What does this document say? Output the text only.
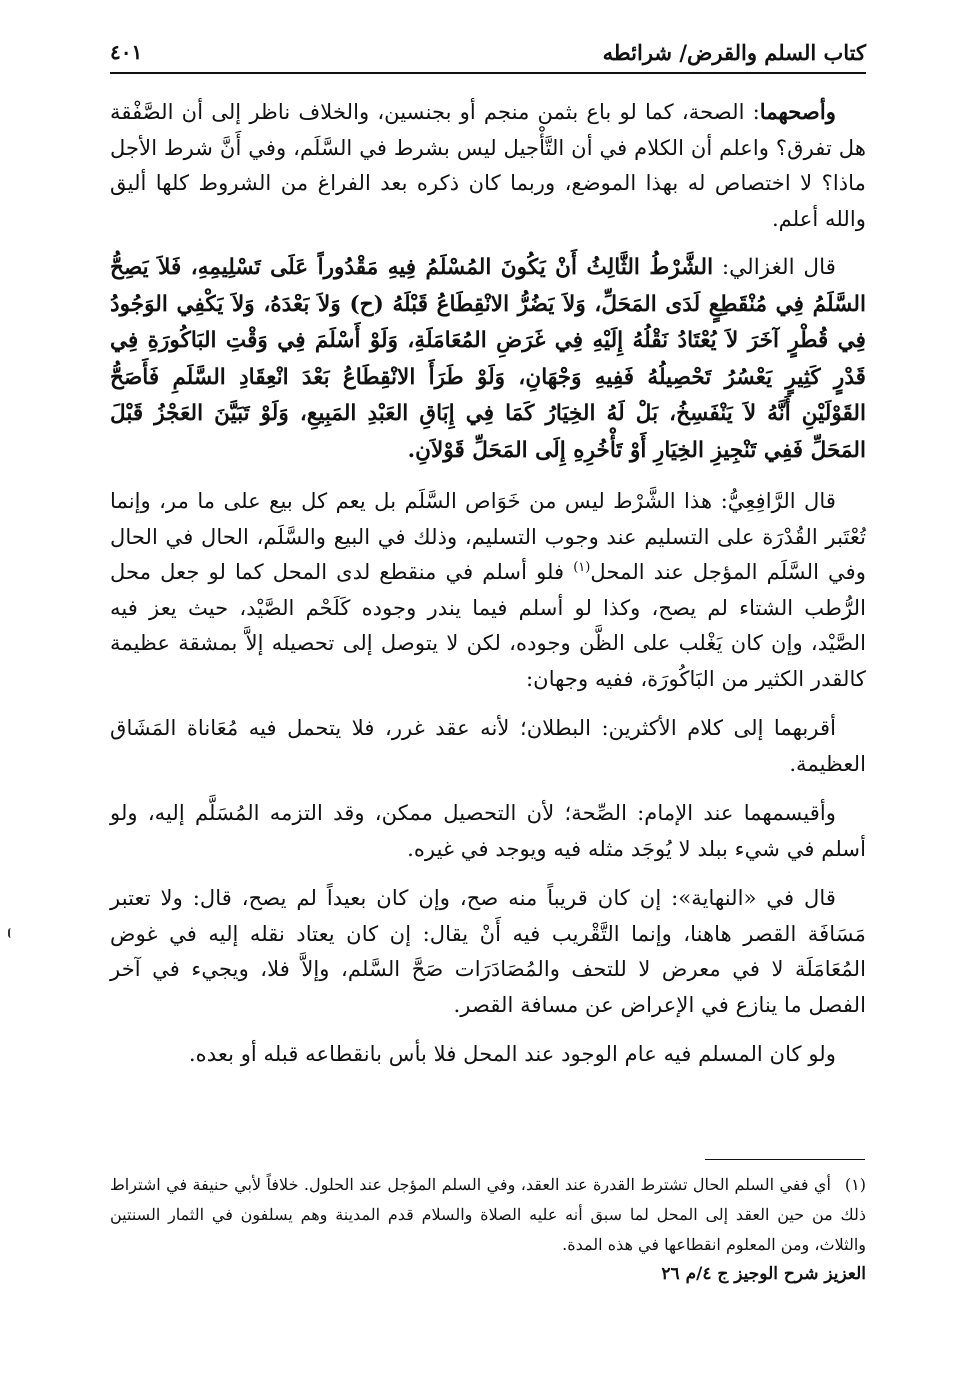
كتاب السلم والقرض/ شرائطه
٤٠١

وأصحهما: الصحة، كما لو باع بثمن منجم أو بجنسين، والخلاف ناظر إلى أن الصَّفْقة هل تفرق؟ واعلم أن الكلام في أن التَّأْجيل ليس بشرط في السَّلَم، وفي أَنَّ شرط الأجل ماذا؟ لا اختصاص له بهذا الموضع، وربما كان ذكره بعد الفراغ من الشروط كلها أليق والله أعلم.

قال الغزالي: الشَّرْطُ الثَّالِثُ أَنْ يَكُونَ المُسْلَمُ فِيهِ مَقْدُوراً عَلَى تَسْلِيمِهِ، فَلاَ يَصِحُّ السَّلَمُ فِي مُنْقَطِعٍ لَدَى المَحَلِّ، وَلاَ يَضُرُّ الانْقِطَاعُ قَبْلَهُ (ح) وَلاَ بَعْدَهُ، وَلاَ يَكْفِي الوَجُودُ فِي قُطْرٍ آخَرَ لاَ يُعْتَادُ نَقْلُهُ إِلَيْهِ فِي غَرَضِ المُعَامَلَةِ، وَلَوْ أَسْلَمَ فِي وَقْتِ البَاكُورَةِ فِي قَدْرٍ كَثِيرٍ يَعْسُرُ تَحْصِيلُهُ فَفِيهِ وَجْهَانِ، وَلَوْ طَرَأَ الانْقِطَاعُ بَعْدَ انْعِقَادِ السَّلَمِ فَأَصَحُّ القَوْلَيْنِ أَنَّهُ لاَ يَنْفَسِخُ، بَلْ لَهُ الخِيَارُ كَمَا فِي إِبَاقِ العَبْدِ المَبِيعِ، وَلَوْ تَبَيَّنَ العَجْزُ قَبْلَ المَحَلِّ فَفِي تَنْجِيزِ الخِيَارِ أَوْ تَأْخُرِهِ إِلَى المَحَلِّ قَوْلاَنِ.

قال الرَّافِعِيُّ: هذا الشَّرْط ليس من خَوَاص السَّلَم بل يعم كل بيع على ما مر، وإنما تُعْتَبر القُدْرَة على التسليم عند وجوب التسليم، وذلك في البيع والسَّلَم، الحال في الحال وفي السَّلَم المؤجل عند المحل$^{(١)}$ فلو أسلم في منقطع لدى المحل كما لو جعل محل الرُّطب الشتاء لم يصح، وكذا لو أسلم فيما يندر وجوده كَلَحْم الصَّيْد، حيث يعز فيه الصَّيْد، وإن كان يَغْلب على الظَّن وجوده، لكن لا يتوصل إلى تحصيله إلاَّ بمشقة عظيمة كالقدر الكثير من البَاكُورَة، ففيه وجهان:

أقربهما إلى كلام الأكثرين: البطلان؛ لأنه عقد غرر، فلا يتحمل فيه مُعَاناة المَشَاق العظيمة.

وأقيسمهما عند الإمام: الصِّحة؛ لأن التحصيل ممكن، وقد التزمه المُسَلَّم إليه، ولو أسلم في شيء ببلد لا يُوجَد مثله فيه ويوجد في غيره.

قال في «النهاية»: إن كان قريباً منه صح، وإن كان بعيداً لم يصح، قال: ولا تعتبر مَسَافَة القصر هاهنا، وإنما التَّقْريب فيه أَنْ يقال: إن كان يعتاد نقله إليه في غوض المُعَامَلَة لا في معرض لا للتحف والمُصَادَرَات صَحَّ السَّلم، وإلاَّ فلا، ويجيء في آخر الفصل ما ينازع في الإعراض عن مسافة القصر.

ولو كان المسلم فيه عام الوجود عند المحل فلا بأس بانقطاعه قبله أو بعده.

(١)أي ففي السلم الحال تشترط القدرة عند العقد، وفي السلم المؤجل عند الحلول. خلافاً لأبي حنيفة في اشتراط ذلك من حين العقد إلى المحل لما سبق أنه عليه الصلاة والسلام قدم المدينة وهم يسلفون في الثمار السنتين والثلاث، ومن المعلوم انقطاعها في هذه المدة.
العزيز شرح الوجيز ج ٤/م ٢٦
